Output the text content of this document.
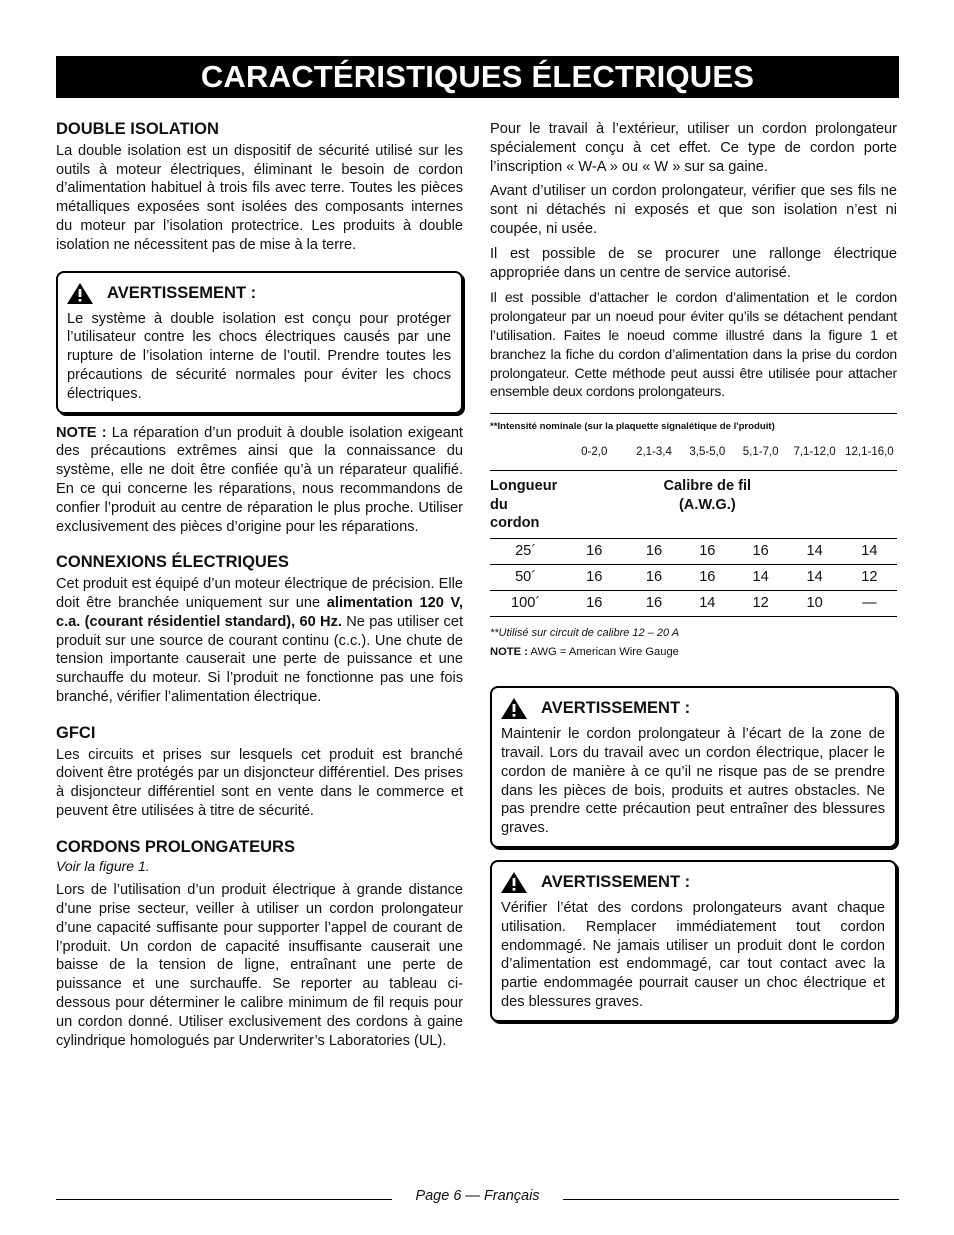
CARACTÉRISTIQUES ÉLECTRIQUES
DOUBLE ISOLATION

La double isolation est un dispositif de sécurité utilisé sur les outils à moteur électriques, éliminant le besoin de cordon d’alimentation habituel à trois fils avec terre. Toutes les pièces métalliques exposées sont isolées des composants internes du moteur par l’isolation protectrice. Les produits à double isolation ne nécessitent pas de mise à la terre.

AVERTISSEMENT :

Le système à double isolation est conçu pour protéger l’utilisateur contre les chocs électriques causés par une rupture de l’isolation interne de l’outil. Prendre toutes les précautions de sécurité normales pour éviter les chocs électriques.

NOTE : La réparation d’un produit à double isolation exigeant des précautions extrêmes ainsi que la connaissance du système, elle ne doit être confiée qu’à un réparateur qualifié. En ce qui concerne les réparations, nous recommandons de confier l’produit au centre de réparation le plus proche. Utiliser exclusivement des pièces d’origine pour les réparations.

CONNEXIONS ÉLECTRIQUES

Cet produit est équipé d’un moteur électrique de précision. Elle doit être branchée uniquement sur une alimentation 120 V, c.a. (courant résidentiel standard), 60 Hz. Ne pas utiliser cet produit sur une source de courant continu (c.c.). Une chute de tension importante causerait une perte de puissance et une surchauffe du moteur. Si l’produit ne fonctionne pas une fois branché, vérifier l’alimentation électrique.

GFCI

Les circuits et prises sur lesquels cet produit est branché doivent être protégés par un disjoncteur différentiel. Des prises à disjoncteur différentiel sont en vente dans le commerce et peuvent être utilisées à titre de sécurité.

CORDONS PROLONGATEURS

Voir la figure 1.

Lors de l’utilisation d’un produit électrique à grande distance d’une prise secteur, veiller à utiliser un cordon prolongateur d’une capacité suffisante pour supporter l’appel de courant de l’produit. Un cordon de capacité insuffisante causerait une baisse de la tension de ligne, entraînant une perte de puissance et une surchauffe. Se reporter au tableau ci-dessous pour déterminer le calibre minimum de fil requis pour un cordon donné. Utiliser exclusivement des cordons à gaine cylindrique homologués par Underwriter’s Laboratories (UL).

Pour le travail à l’extérieur, utiliser un cordon prolongateur spécialement conçu à cet effet. Ce type de cordon porte l’inscription « W-A » ou « W » sur sa gaine.

Avant d’utiliser un cordon prolongateur, vérifier que ses fils ne sont ni détachés ni exposés et que son isolation n’est ni coupée, ni usée.

Il est possible de se procurer une rallonge électrique appropriée dans un centre de service autorisé.

Il est possible d’attacher le cordon d’alimentation et le cordon prolongateur par un noeud pour éviter qu’ils se détachent pendant l’utilisation. Faites le noeud comme illustré dans la figure 1 et branchez la fiche du cordon d’alimentation dans la prise du cordon prolongateur. Cette méthode peut aussi être utilisée pour attacher ensemble deux cordons prolongateurs.

**Intensité nominale (sur la plaquette signalétique de l'produit)
	0-2,0	2,1-3,4	3,5-5,0	5,1-7,0	7,1-12,0	12,1-16,0
Longueur du cordon		Calibre de fil (A.W.G.)				
25´	16	16	16	16	14	14
50´	16	16	16	14	14	12
100´	16	16	14	12	10	—
**Utilisé sur circuit de calibre 12 – 20 A
NOTE : AWG = American Wire Gauge
AVERTISSEMENT :

Maintenir le cordon prolongateur à l’écart de la zone de travail. Lors du travail avec un cordon électrique, placer le cordon de manière à ce qu’il ne risque pas de se prendre dans les pièces de bois, produits et autres obstacles. Ne pas prendre cette précaution peut entraîner des blessures graves.

AVERTISSEMENT :

Vérifier l’état des cordons prolongateurs avant chaque utilisation. Remplacer immédiatement tout cordon endommagé. Ne jamais utiliser un produit dont le cordon d’alimentation est endommagé, car tout contact avec la partie endommagée pourrait causer un choc électrique et des blessures graves.

Page 6 — Français
